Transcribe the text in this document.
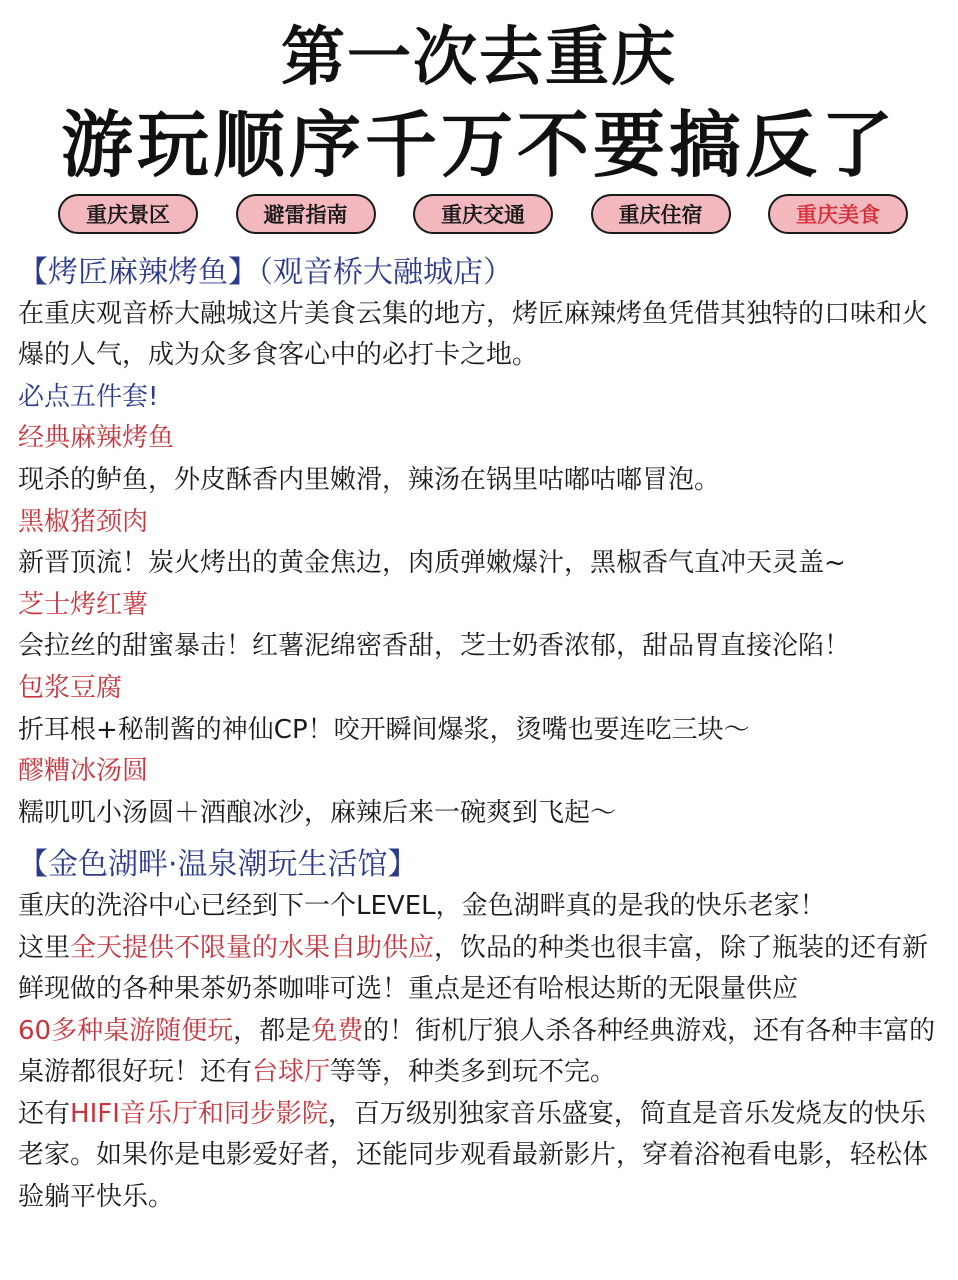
第一次去重庆
游玩顺序千万不要搞反了
重庆景区	避雷指南	重庆交通	重庆住宿	重庆美食
【烤匠麻辣烤鱼】（观音桥大融城店）
在重庆观音桥大融城这片美食云集的地方，烤匠麻辣烤鱼凭借其独特的口味和火爆的人气，成为众多食客心中的必打卡之地。
必点五件套!
经典麻辣烤鱼
现杀的鲈鱼，外皮酥香内里嫩滑，辣汤在锅里咕嘟咕嘟冒泡。
黑椒猪颈肉
新晋顶流！炭火烤出的黄金焦边，肉质弹嫩爆汁，黑椒香气直冲天灵盖~
芝士烤红薯
会拉丝的甜蜜暴击！红薯泥绵密香甜，芝士奶香浓郁，甜品胃直接沦陷！
包浆豆腐
折耳根+秘制酱的神仙CP！咬开瞬间爆浆，烫嘴也要连吃三块～
醪糟冰汤圆
糯叽叽小汤圆＋酒酿冰沙，麻辣后来一碗爽到飞起～
【金色湖畔·温泉潮玩生活馆】
重庆的洗浴中心已经到下一个LEVEL，金色湖畔真的是我的快乐老家！
这里全天提供不限量的水果自助供应，饮品的种类也很丰富，除了瓶装的还有新鲜现做的各种果茶奶茶咖啡可选！重点是还有哈根达斯的无限量供应
60多种桌游随便玩，都是免费的！街机厅狼人杀各种经典游戏，还有各种丰富的桌游都很好玩！还有台球厅等等，种类多到玩不完。
还有HIFI音乐厅和同步影院，百万级别独家音乐盛宴，简直是音乐发烧友的快乐老家。如果你是电影爱好者，还能同步观看最新影片，穿着浴袍看电影，轻松体验躺平快乐。
